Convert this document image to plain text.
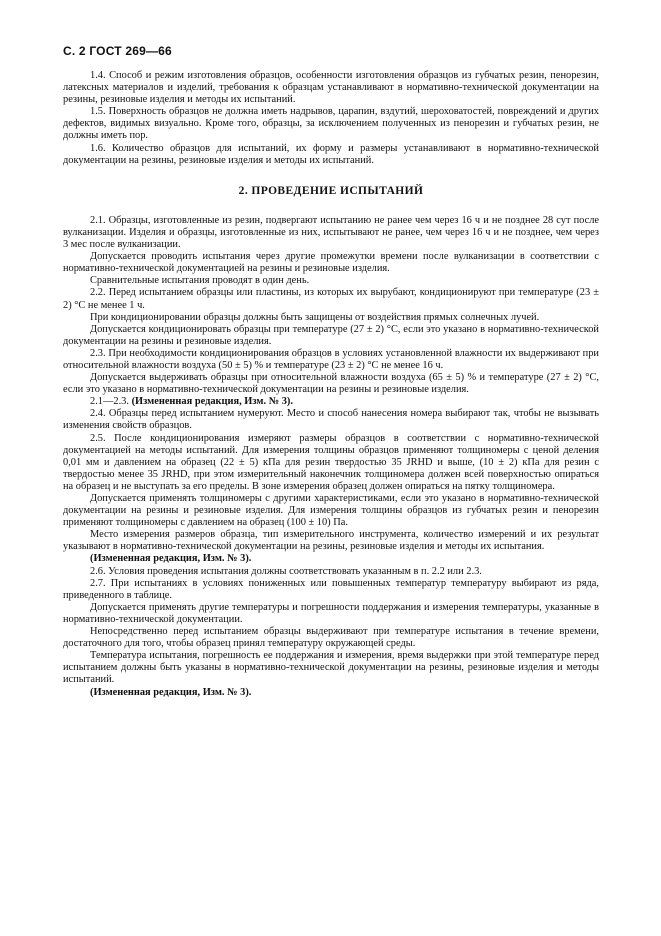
С. 2 ГОСТ 269—66

1.4. Способ и режим изготовления образцов, особенности изготовления образцов из губчатых резин, пенорезин, латексных материалов и изделий, требования к образцам устанавливают в нормативно-технической документации на резины, резиновые изделия и методы их испытаний.

1.5. Поверхность образцов не должна иметь надрывов, царапин, вздутий, шероховатостей, повреждений и других дефектов, видимых визуально. Кроме того, образцы, за исключением полученных из пенорезин и губчатых резин, не должны иметь пор.

1.6. Количество образцов для испытаний, их форму и размеры устанавливают в нормативно-технической документации на резины, резиновые изделия и методы их испытаний.

2. ПРОВЕДЕНИЕ ИСПЫТАНИЙ

2.1. Образцы, изготовленные из резин, подвергают испытанию не ранее чем через 16 ч и не позднее 28 сут после вулканизации. Изделия и образцы, изготовленные из них, испытывают не ранее, чем через 16 ч и не позднее, чем через 3 мес после вулканизации.

Допускается проводить испытания через другие промежутки времени после вулканизации в соответствии с нормативно-технической документацией на резины и резиновые изделия.

Сравнительные испытания проводят в один день.

2.2. Перед испытанием образцы или пластины, из которых их вырубают, кондиционируют при температуре (23 ± 2) °С не менее 1 ч.

При кондиционировании образцы должны быть защищены от воздействия прямых солнечных лучей.

Допускается кондиционировать образцы при температуре (27 ± 2) °С, если это указано в нормативно-технической документации на резины и резиновые изделия.

2.3. При необходимости кондиционирования образцов в условиях установленной влажности их выдерживают при относительной влажности воздуха (50 ± 5) % и температуре (23 ± 2) °С не менее 16 ч.

Допускается выдерживать образцы при относительной влажности воздуха (65 ± 5) % и температуре (27 ± 2) °С, если это указано в нормативно-технической документации на резины и резиновые изделия.

2.1—2.3. (Измененная редакция, Изм. № 3).

2.4. Образцы перед испытанием нумеруют. Место и способ нанесения номера выбирают так, чтобы не вызывать изменения свойств образцов.

2.5. После кондиционирования измеряют размеры образцов в соответствии с нормативно-технической документацией на методы испытаний. Для измерения толщины образцов применяют толщиномеры с ценой деления 0,01 мм и давлением на образец (22 ± 5) кПа для резин твердостью 35 JRHD и выше, (10 ± 2) кПа для резин с твердостью менее 35 JRHD, при этом измерительный наконечник толщиномера должен всей поверхностью опираться на образец и не выступать за его пределы. В зоне измерения образец должен опираться на пятку толщиномера.

Допускается применять толщиномеры с другими характеристиками, если это указано в нормативно-технической документации на резины и резиновые изделия. Для измерения толщины образцов из губчатых резин и пенорезин применяют толщиномеры с давлением на образец (100 ± 10) Па.

Место измерения размеров образца, тип измерительного инструмента, количество измерений и их результат указывают в нормативно-технической документации на резины, резиновые изделия и методы их испытания.

(Измененная редакция, Изм. № 3).

2.6. Условия проведения испытания должны соответствовать указанным в п. 2.2 или 2.3.

2.7. При испытаниях в условиях пониженных или повышенных температур температуру выбирают из ряда, приведенного в таблице.

Допускается применять другие температуры и погрешности поддержания и измерения температуры, указанные в нормативно-технической документации.

Непосредственно перед испытанием образцы выдерживают при температуре испытания в течение времени, достаточного для того, чтобы образец принял температуру окружающей среды.

Температура испытания, погрешность ее поддержания и измерения, время выдержки при этой температуре перед испытанием должны быть указаны в нормативно-технической документации на резины, резиновые изделия и методы испытаний.

(Измененная редакция, Изм. № 3).
